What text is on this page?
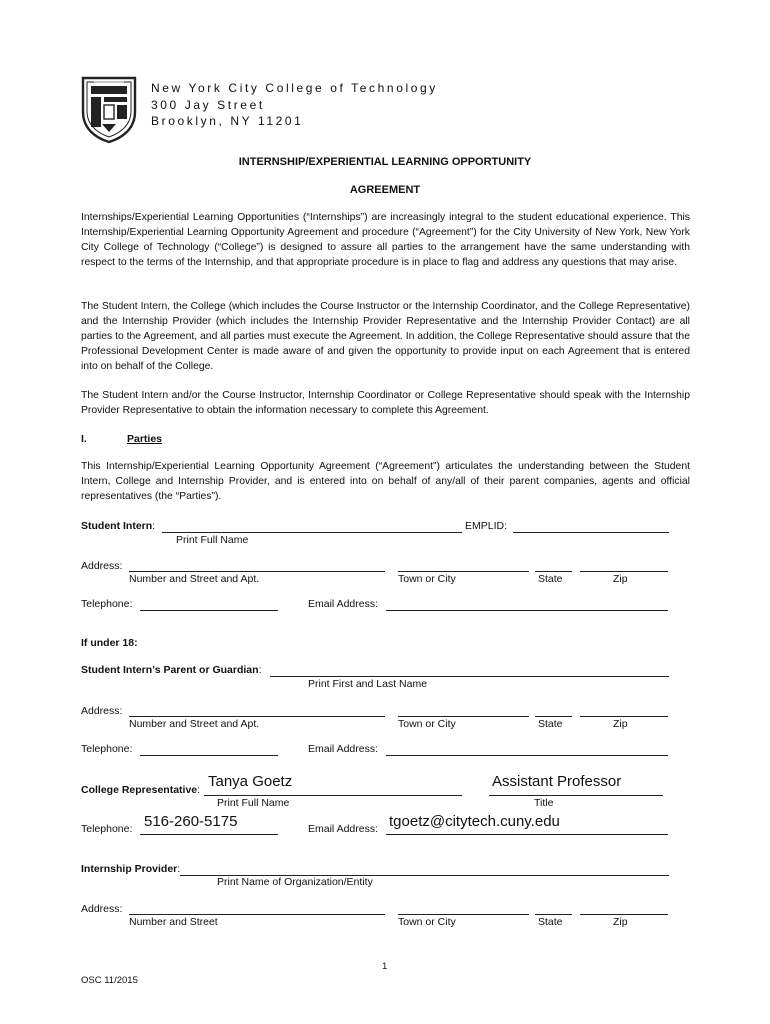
New York City College of Technology
300 Jay Street
Brooklyn, NY 11201
INTERNSHIP/EXPERIENTIAL LEARNING OPPORTUNITY
AGREEMENT

Internships/Experiential Learning Opportunities (“Internships”) are increasingly integral to the student educational experience. This Internship/Experiential Learning Opportunity Agreement and procedure (“Agreement”) for the City University of New York, New York City College of Technology (“College”) is designed to assure all parties to the arrangement have the same understanding with respect to the terms of the Internship, and that appropriate procedure is in place to flag and address any questions that may arise.

The Student Intern, the College (which includes the Course Instructor or the Internship Coordinator, and the College Representative) and the Internship Provider (which includes the Internship Provider Representative and the Internship Provider Contact) are all parties to the Agreement, and all parties must execute the Agreement. In addition, the College Representative should assure that the Professional Development Center is made aware of and given the opportunity to provide input on each Agreement that is entered into on behalf of the College.

The Student Intern and/or the Course Instructor, Internship Coordinator or College Representative should speak with the Internship Provider Representative to obtain the information necessary to complete this Agreement.

I.	Parties

This Internship/Experiential Learning Opportunity Agreement (“Agreement”) articulates the understanding between the Student Intern, College and Internship Provider, and is entered into on behalf of any/all of their parent companies, agents and official representatives (the “Parties”).

Student Intern:	EMPLID:
Print Full Name
Address:
Number and Street and Apt.	Town or City	State	Zip
Telephone:	Email Address:
If under 18:
Student Intern’s Parent or Guardian:
Print First and Last Name
Address:
Number and Street and Apt.	Town or City	State	Zip
Telephone:	Email Address:
College Representative: Tanya Goetz	Assistant Professor
Print Full Name	Title
Telephone: 516-260-5175	Email Address: tgoetz@citytech.cuny.edu
Internship Provider:
Print Name of Organization/Entity
Address:
Number and Street	Town or City	State	Zip
1
OSC 11/2015
